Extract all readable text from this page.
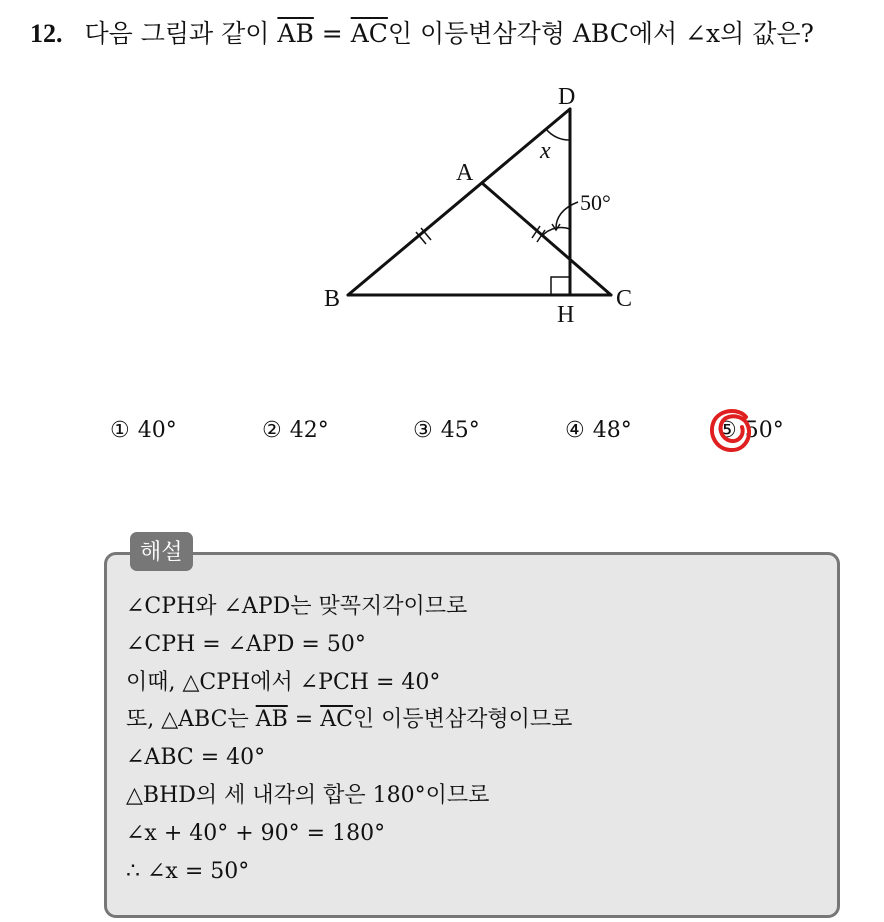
12. 다음 그림과 같이 $\overline{AB} = \overline{AC}$인 이등변삼각형 ABC에서 ∠x의 값은?
D
A
B	C
H
x
50°
① 40°	② 42°	③ 45°	④ 48°	⑤ 50°
해설
∠CPH와 ∠APD는 맞꼭지각이므로
∠CPH = ∠APD = 50°
이때, △CPH에서 ∠PCH = 40°
또, △ABC는 $\overline{AB} = \overline{AC}$인 이등변삼각형이므로
∠ABC = 40°
△BHD의 세 내각의 합은 180°이므로
∠x + 40° + 90° = 180°
∴ ∠x = 50°
